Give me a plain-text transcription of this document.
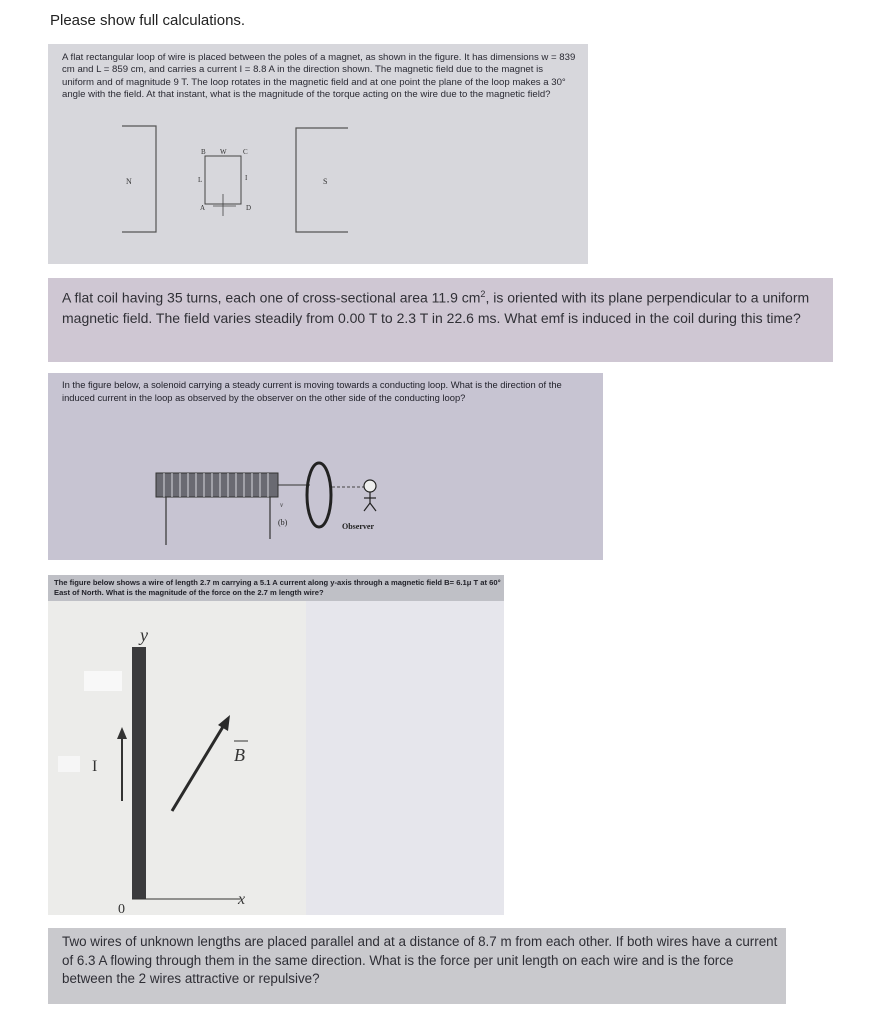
Please show full calculations.
A flat rectangular loop of wire is placed between the poles of a magnet, as shown in the figure. It has dimensions w = 839 cm and L = 859 cm, and carries a current I = 8.8 A in the direction shown. The magnetic field due to the magnet is uniform and of magnitude 9 T. The loop rotates in the magnetic field and at one point the plane of the loop makes a 30° angle with the field. At that instant, what is the magnitude of the torque acting on the wire due to the magnetic field?
N	S
B W C
L
A	D
I
A flat coil having 35 turns, each one of cross-sectional area 11.9 $cm^2$, is oriented with its plane perpendicular to a uniform magnetic field. The field varies steadily from 0.00 T to 2.3 T in 22.6 ms. What emf is induced in the coil during this time?
In the figure below, a solenoid carrying a steady current is moving towards a conducting loop. What is the direction of the induced current in the loop as observed by the observer on the other side of the conducting loop?
v
(b)	Observer
The figure below shows a wire of length 2.7 m carrying a 5.1 A current along y-axis through a magnetic field B= 6.1μ T at 60° East of North. What is the magnitude of the force on the 2.7 m length wire?
y
x
0
I
B
Two wires of unknown lengths are placed parallel and at a distance of 8.7 m from each other. If both wires have a current of 6.3 A flowing through them in the same direction. What is the force per unit length on each wire and is the force between the 2 wires attractive or repulsive?
